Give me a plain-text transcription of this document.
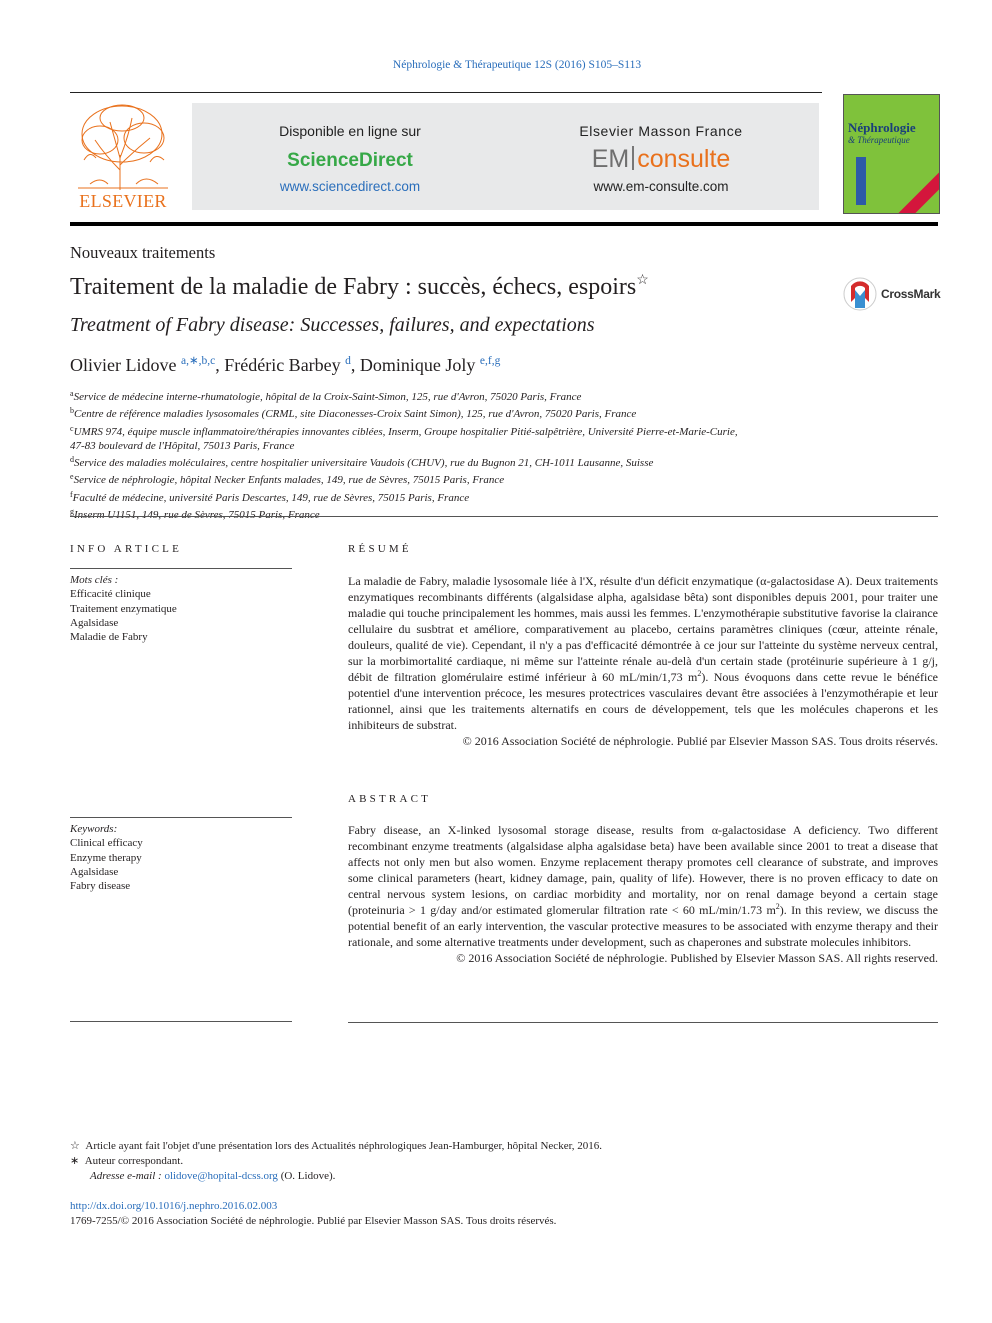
Néphrologie & Thérapeutique 12S (2016) S105–S113
ELSEVIER
Disponible en ligne sur
ScienceDirect
www.sciencedirect.com
Elsevier Masson France
EM consulte
www.em-consulte.com
Néphrologie
& Thérapeutique
Nouveaux traitements
Traitement de la maladie de Fabry : succès, échecs, espoirs☆
CrossMark
Treatment of Fabry disease: Successes, failures, and expectations
Olivier Lidove $^{a,∗,b,c}$, Frédéric Barbey $^d$, Dominique Joly $^{e,f,g}$
$^a$Service de médecine interne-rhumatologie, hôpital de la Croix-Saint-Simon, 125, rue d'Avron, 75020 Paris, France
$^b$Centre de référence maladies lysosomales (CRML, site Diaconesses-Croix Saint Simon), 125, rue d'Avron, 75020 Paris, France
$^c$UMRS 974, équipe muscle inflammatoire/thérapies innovantes ciblées, Inserm, Groupe hospitalier Pitié-salpêtrière, Université Pierre-et-Marie-Curie,
47-83 boulevard de l'Hôpital, 75013 Paris, France
$^d$Service des maladies moléculaires, centre hospitalier universitaire Vaudois (CHUV), rue du Bugnon 21, CH-1011 Lausanne, Suisse
$^e$Service de néphrologie, hôpital Necker Enfants malades, 149, rue de Sèvres, 75015 Paris, France
$^f$Faculté de médecine, université Paris Descartes, 149, rue de Sèvres, 75015 Paris, France
$^g$
INFO ARTICLE
Mots clés :
Efficacité clinique
Traitement enzymatique
Agalsidase
Maladie de Fabry
Keywords:
Clinical efficacy
Enzyme therapy
Agalsidase
Fabry disease
RÉSUMÉ

La maladie de Fabry, maladie lysosomale liée à l'X, résulte d'un déficit enzymatique (α-galactosidase A). Deux traitements enzymatiques recombinants différents (algalsidase alpha, agalsidase bêta) sont disponibles depuis 2001, pour traiter une maladie qui touche principalement les hommes, mais aussi les femmes. L'enzymothérapie substitutive favorise la clairance cellulaire du susbtrat et améliore, comparativement au placebo, certains paramètres cliniques (cœur, atteinte rénale, douleurs, qualité de vie). Cependant, il n'y a pas d'efficacité démontrée à ce jour sur l'atteinte du système nerveux central, sur la morbimortalité cardiaque, ni même sur l'atteinte rénale au-delà d'un certain stade (protéinurie supérieure à 1 g/j, débit de filtration glomérulaire estimé inférieur à 60 mL/min/1,73 $m^2$). Nous évoquons dans cette revue le bénéfice potentiel d'une intervention précoce, les mesures protectrices vasculaires devant être associées à l'enzymothérapie et leur rationnel, ainsi que les traitements alternatifs en cours de développement, tels que les molécules chaperons et les inhibiteurs de substrat.

© 2016 Association Société de néphrologie. Publié par Elsevier Masson SAS. Tous droits réservés.

ABSTRACT

Fabry disease, an X-linked lysosomal storage disease, results from α-galactosidase A deficiency. Two different recombinant enzyme treatments (algalsidase alpha agalsidase beta) have been available since 2001 to treat a disease that affects not only men but also women. Enzyme replacement therapy promotes cell clearance of substrate, and improves some clinical parameters (heart, kidney damage, pain, quality of life). However, there is no proven efficacy to date on central nervous system lesions, on cardiac morbidity and mortality, nor on renal damage beyond a certain stage (proteinuria > 1 g/day and/or estimated glomerular filtration rate < 60 mL/min/1.73 $m^2$). In this review, we discuss the potential benefit of an early intervention, the vascular protective measures to be associated with enzyme therapy and their rationale, and some alternative treatments under development, such as chaperones and substrate molecules inhibitors.

© 2016 Association Société de néphrologie. Published by Elsevier Masson SAS. All rights reserved.

☆ Article ayant fait l'objet d'une présentation lors des Actualités néphrologiques Jean-Hamburger, hôpital Necker, 2016.
∗ Auteur correspondant.
Adresse e-mail : olidove@hopital-dcss.org (O. Lidove).
http://dx.doi.org/10.1016/j.nephro.2016.02.003
1769-7255/© 2016 Association Société de néphrologie. Publié par Elsevier Masson SAS. Tous droits réservés.
